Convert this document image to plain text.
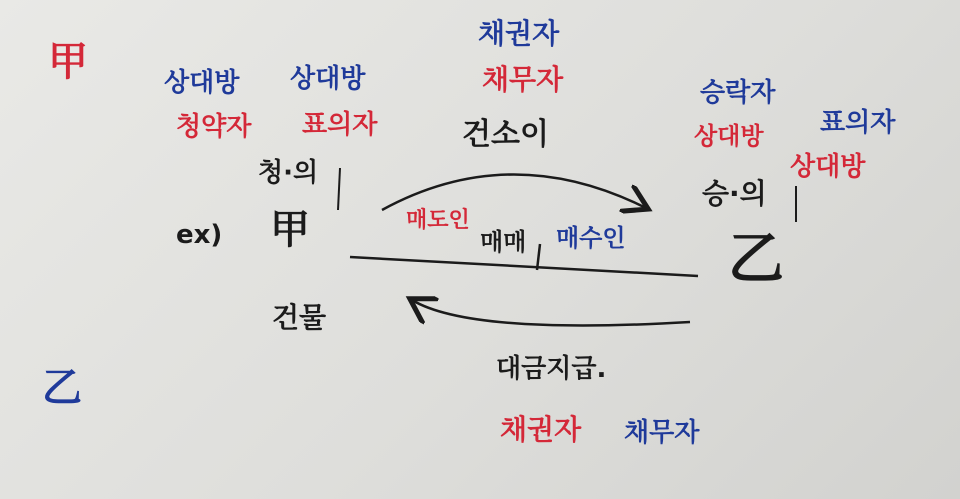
甲
乙
상대방
청약자
상대방
표의자
청·의
ex) 甲
건물
채권자
채무자
건소이
승락자
상대방 표의자
상대방
승·의
乙
매도인
매매 매수인
대금지급.
채권자 채무자
